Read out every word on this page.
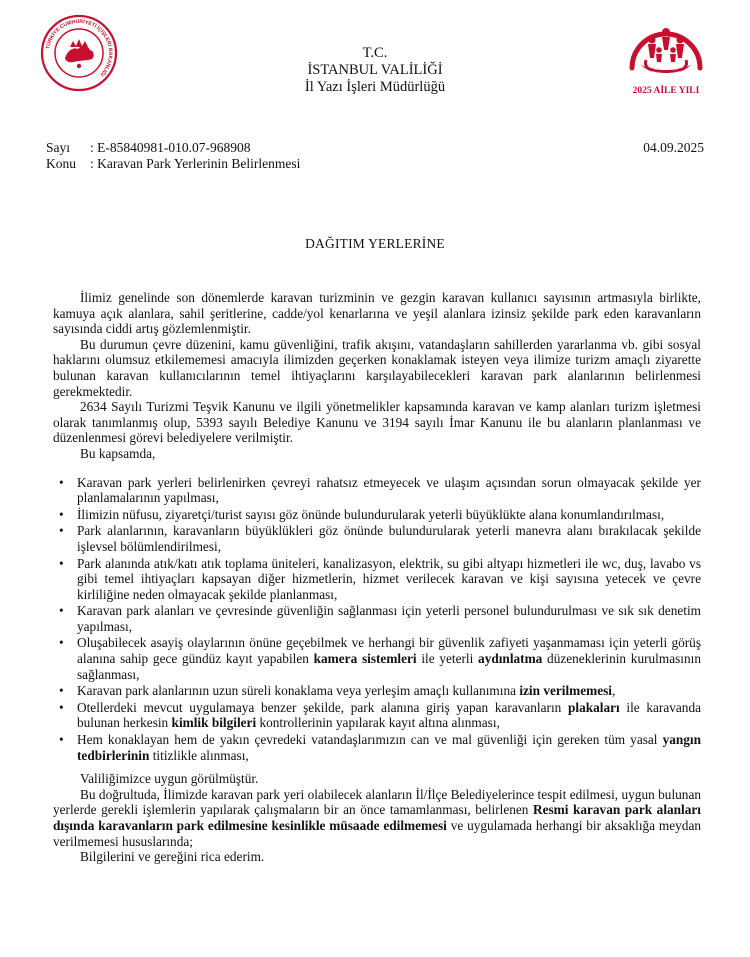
TÜRKİYE CUMHURİYETİ İÇİŞLERİ BAKANLIĞI
2025 AİLE YILI
T.C.
İSTANBUL VALİLİĞİ
İl Yazı İşleri Müdürlüğü
Sayı : E-85840981-010.07-968908
Konu : Karavan Park Yerlerinin Belirlenmesi
04.09.2025
DAĞITIM YERLERİNE

İlimiz genelinde son dönemlerde karavan turizminin ve gezgin karavan kullanıcı sayısının artmasıyla birlikte, kamuya açık alanlara, sahil şeritlerine, cadde/yol kenarlarına ve yeşil alanlara izinsiz şekilde park eden karavanların sayısında ciddi artış gözlemlenmiştir.

Bu durumun çevre düzenini, kamu güvenliğini, trafik akışını, vatandaşların sahillerden yararlanma vb. gibi sosyal haklarını olumsuz etkilememesi amacıyla ilimizden geçerken konaklamak isteyen veya ilimize turizm amaçlı ziyarette bulunan karavan kullanıcılarının temel ihtiyaçlarını karşılayabilecekleri karavan park alanlarının belirlenmesi gerekmektedir.

2634 Sayılı Turizmi Teşvik Kanunu ve ilgili yönetmelikler kapsamında karavan ve kamp alanları turizm işletmesi olarak tanımlanmış olup, 5393 sayılı Belediye Kanunu ve 3194 sayılı İmar Kanunu ile bu alanların planlanması ve düzenlenmesi görevi belediyelere verilmiştir.

Bu kapsamda,

• Karavan park yerleri belirlenirken çevreyi rahatsız etmeyecek ve ulaşım açısından sorun olmayacak şekilde yer planlamalarının yapılması,
• İlimizin nüfusu, ziyaretçi/turist sayısı göz önünde bulundurularak yeterli büyüklükte alana konumlandırılması,
• Park alanlarının, karavanların büyüklükleri göz önünde bulundurularak yeterli manevra alanı bırakılacak şekilde işlevsel bölümlendirilmesi,
• Park alanında atık/katı atık toplama üniteleri, kanalizasyon, elektrik, su gibi altyapı hizmetleri ile wc, duş, lavabo vs gibi temel ihtiyaçları kapsayan diğer hizmetlerin, hizmet verilecek karavan ve kişi sayısına yetecek ve çevre kirliliğine neden olmayacak şekilde planlanması,
• Karavan park alanları ve çevresinde güvenliğin sağlanması için yeterli personel bulundurulması ve sık sık denetim yapılması,
• Oluşabilecek asayiş olaylarının önüne geçebilmek ve herhangi bir güvenlik zafiyeti yaşanmaması için yeterli görüş alanına sahip gece gündüz kayıt yapabilen kamera sistemleri ile yeterli aydınlatma düzeneklerinin kurulmasının sağlanması,
• Karavan park alanlarının uzun süreli konaklama veya yerleşim amaçlı kullanımına izin verilmemesi,
• Otellerdeki mevcut uygulamaya benzer şekilde, park alanına giriş yapan karavanların plakaları ile karavanda bulunan herkesin kimlik bilgileri kontrollerinin yapılarak kayıt altına alınması,
• Hem konaklayan hem de yakın çevredeki vatandaşlarımızın can ve mal güvenliği için gereken tüm yasal yangın tedbirlerinin titizlikle alınması,

Valiliğimizce uygun görülmüştür.

Bu doğrultuda, İlimizde karavan park yeri olabilecek alanların İl/İlçe Belediyelerince tespit edilmesi, uygun bulunan yerlerde gerekli işlemlerin yapılarak çalışmaların bir an önce tamamlanması, belirlenen Resmi karavan park alanları dışında karavanların park edilmesine kesinlikle müsaade edilmemesi ve uygulamada herhangi bir aksaklığa meydan verilmemesi hususlarında;

Bilgilerini ve gereğini rica ederim.
